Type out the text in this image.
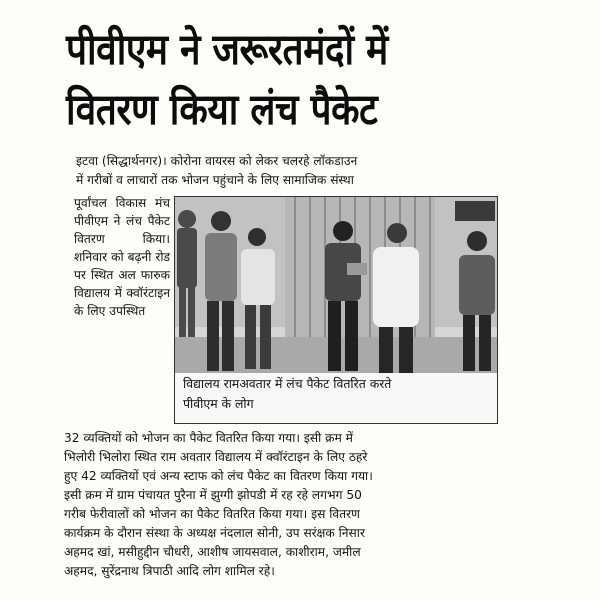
पीवीएम ने जरूरतमंदों में
वितरण किया लंच पैकेट

इटवा (सिद्धार्थनगर)। कोरोना वायरस को लेकर चलरहे लॉकडाउन

में गरीबों व लाचारों तक भोजन पहुंचाने के लिए सामाजिक संस्था

पूर्वांचल विकास मंच पीवीएम ने लंच पैकेट वितरण किया। शनिवार को बढ़नी रोड पर स्थित अल फारुक विद्यालय में क्वॉरंटाइन के लिए उपस्थित
विद्यालय रामअवतार में लंच पैकेट वितरित करते
पीवीएम के लोग

32 व्यक्तियों को भोजन का पैकेट वितरित किया गया। इसी क्रम में

भिलोरी भिलोरा स्थित राम अवतार विद्यालय में क्वॉरंटाइन के लिए ठहरे

हुए 42 व्यक्तियों एवं अन्य स्टाफ को लंच पैकेट का वितरण किया गया।

इसी क्रम में ग्राम पंचायत पुरैना में झुग्गी झोपडी में रह रहे लगभग 50

गरीब फेरीवालों को भोजन का पैकेट वितरित किया गया। इस वितरण

कार्यक्रम के दौरान संस्था के अध्यक्ष नंदलाल सोनी, उप सरंक्षक निसार

अहमद खां, मसीहुद्दीन चौधरी, आशीष जायसवाल, काशीराम, जमील

अहमद, सुरेंद्रनाथ त्रिपाठी आदि लोग शामिल रहे।
